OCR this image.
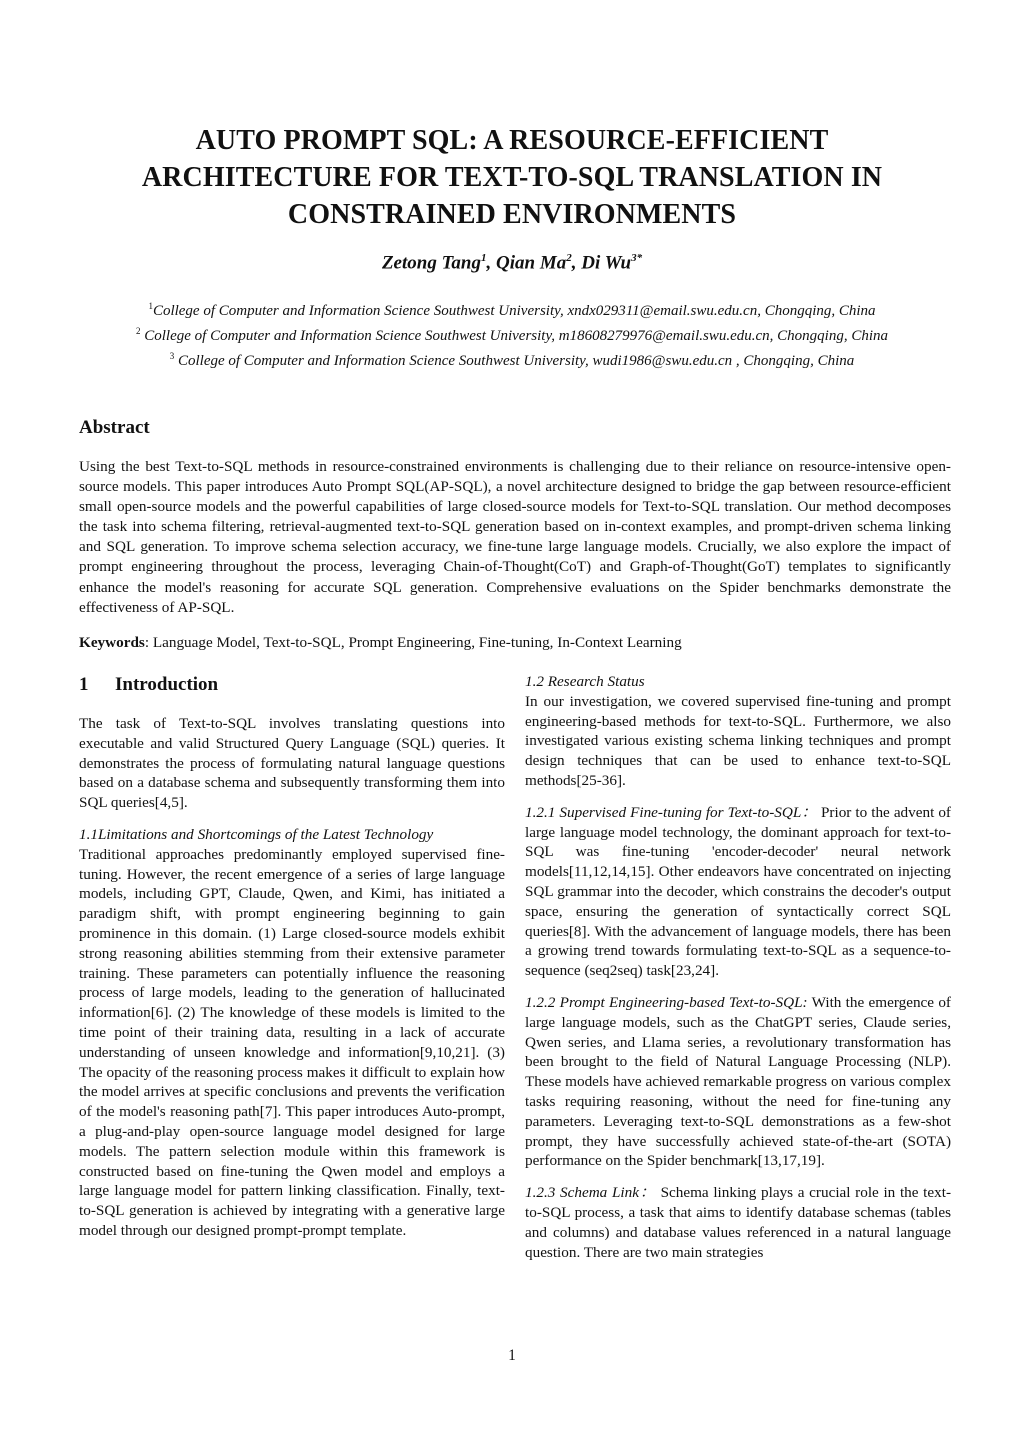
AUTO PROMPT SQL: A RESOURCE-EFFICIENT
ARCHITECTURE FOR TEXT-TO-SQL TRANSLATION IN
CONSTRAINED ENVIRONMENTS
Zetong Tang$^1$, Qian Ma$^2$, Di $Wu^{3*}$
$^1$College of Computer and Information Science Southwest University, xndx029311@email.swu.edu.cn, Chongqing, China
$^2$ College of Computer and Information Science Southwest University, m18608279976@email.swu.edu.cn, Chongqing, China
$^3$ College of Computer and Information Science Southwest University, wudi1986@swu.edu.cn , Chongqing, China
Abstract

Using the best Text-to-SQL methods in resource-constrained environments is challenging due to their reliance on resource-intensive open-source models. This paper introduces Auto Prompt SQL(AP-SQL), a novel architecture designed to bridge the gap between resource-efficient small open-source models and the powerful capabilities of large closed-source models for Text-to-SQL translation. Our method decomposes the task into schema filtering, retrieval-augmented text-to-SQL generation based on in-context examples, and prompt-driven schema linking and SQL generation. To improve schema selection accuracy, we fine-tune large language models. Crucially, we also explore the impact of prompt engineering throughout the process, leveraging Chain-of-Thought(CoT) and Graph-of-Thought(GoT) templates to significantly enhance the model's reasoning for accurate SQL generation. Comprehensive evaluations on the Spider benchmarks demonstrate the effectiveness of AP-SQL.

Keywords: Language Model, Text-to-SQL, Prompt Engineering, Fine-tuning, In-Context Learning
1 Introduction

The task of Text-to-SQL involves translating questions into executable and valid Structured Query Language (SQL) queries. It demonstrates the process of formulating natural language questions based on a database schema and subsequently transforming them into SQL queries[4,5].

1.1Limitations and Shortcomings of the Latest Technology

Traditional approaches predominantly employed supervised fine-tuning. However, the recent emergence of a series of large language models, including GPT, Claude, Qwen, and Kimi, has initiated a paradigm shift, with prompt engineering beginning to gain prominence in this domain. (1) Large closed-source models exhibit strong reasoning abilities stemming from their extensive parameter training. These parameters can potentially influence the reasoning process of large models, leading to the generation of hallucinated information[6]. (2) The knowledge of these models is limited to the time point of their training data, resulting in a lack of accurate understanding of unseen knowledge and information[9,10,21]. (3) The opacity of the reasoning process makes it difficult to explain how the model arrives at specific conclusions and prevents the verification of the model's reasoning path[7]. This paper introduces Auto-prompt, a plug-and-play open-source language model designed for large models. The pattern selection module within this framework is constructed based on fine-tuning the Qwen model and employs a large language model for pattern linking classification. Finally, text-to-SQL generation is achieved by integrating with a generative large model through our designed prompt-prompt template.

1.2 Research Status

In our investigation, we covered supervised fine-tuning and prompt engineering-based methods for text-to-SQL. Furthermore, we also investigated various existing schema linking techniques and prompt design techniques that can be used to enhance text-to-SQL methods[25-36].

1.2.1 Supervised Fine-tuning for Text-to-SQL： Prior to the advent of large language model technology, the dominant approach for text-to-SQL was fine-tuning 'encoder-decoder' neural network models[11,12,14,15]. Other endeavors have concentrated on injecting SQL grammar into the decoder, which constrains the decoder's output space, ensuring the generation of syntactically correct SQL queries[8]. With the advancement of language models, there has been a growing trend towards formulating text-to-SQL as a sequence-to-sequence (seq2seq) task[23,24].

1.2.2 Prompt Engineering-based Text-to-SQL: With the emergence of large language models, such as the ChatGPT series, Claude series, Qwen series, and Llama series, a revolutionary transformation has been brought to the field of Natural Language Processing (NLP). These models have achieved remarkable progress on various complex tasks requiring reasoning, without the need for fine-tuning any parameters. Leveraging text-to-SQL demonstrations as a few-shot prompt, they have successfully achieved state-of-the-art (SOTA) performance on the Spider benchmark[13,17,19].

1.2.3 Schema Link： Schema linking plays a crucial role in the text-to-SQL process, a task that aims to identify database schemas (tables and columns) and database values referenced in a natural language question. There are two main strategies

1
